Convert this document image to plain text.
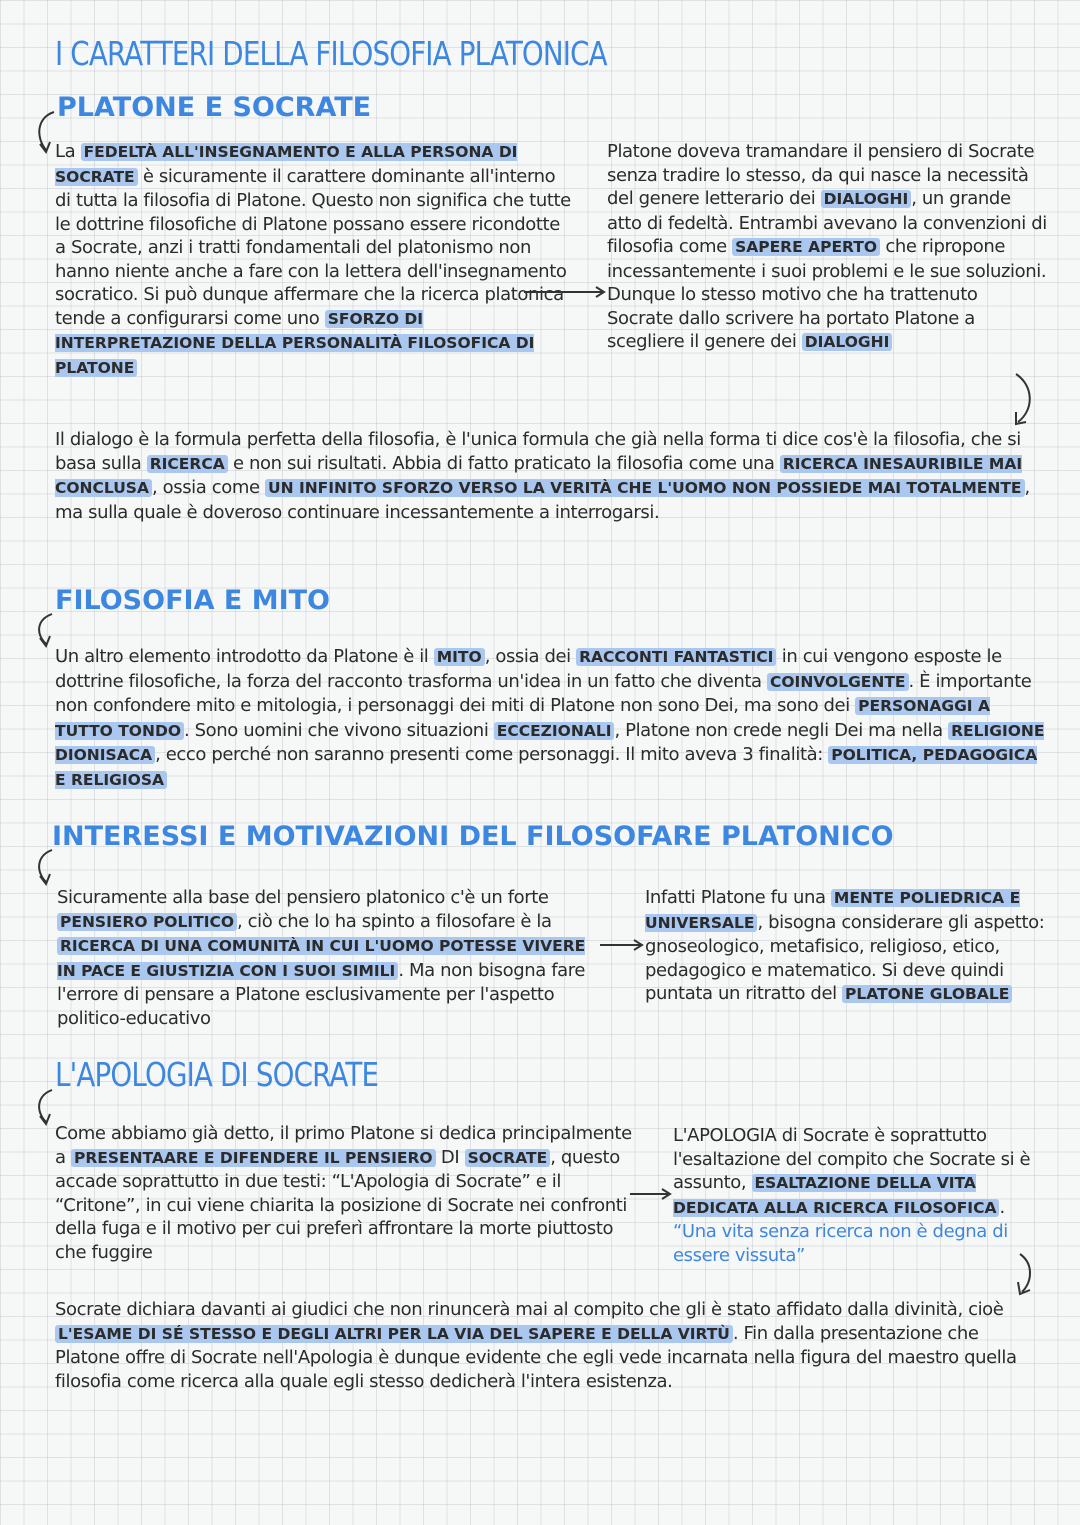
I CARATTERI DELLA FILOSOFIA PLATONICA
PLATONE E SOCRATE
La FEDELTÀ ALL'INSEGNAMENTO E ALLA PERSONA DI SOCRATE è sicuramente il carattere dominante all'interno di tutta la filosofia di Platone. Questo non significa che tutte le dottrine filosofiche di Platone possano essere ricondotte a Socrate, anzi i tratti fondamentali del platonismo non hanno niente anche a fare con la lettera dell'insegnamento socratico. Si può dunque affermare che la ricerca platonica tende a configurarsi come uno SFORZO DI INTERPRETAZIONE DELLA PERSONALITÀ FILOSOFICA DI PLATONE
Platone doveva tramandare il pensiero di Socrate senza tradire lo stesso, da qui nasce la necessità del genere letterario dei DIALOGHI , un grande atto di fedeltà. Entrambi avevano la convenzioni di filosofia come SAPERE APERTO che ripropone incessantemente i suoi problemi e le sue soluzioni. Dunque lo stesso motivo che ha trattenuto Socrate dallo scrivere ha portato Platone a scegliere il genere dei DIALOGHI
Il dialogo è la formula perfetta della filosofia, è l'unica formula che già nella forma ti dice cos'è la filosofia, che si basa sulla RICERCA e non sui risultati. Abbia di fatto praticato la filosofia come una RICERCA INESAURIBILE MAI CONCLUSA , ossia come UN INFINITO SFORZO VERSO LA VERITÀ CHE L'UOMO NON POSSIEDE MAI TOTALMENTE , ma sulla quale è doveroso continuare incessantemente a interrogarsi.
FILOSOFIA E MITO
Un altro elemento introdotto da Platone è il MITO , ossia dei RACCONTI FANTASTICI in cui vengono esposte le dottrine filosofiche, la forza del racconto trasforma un'idea in un fatto che diventa COINVOLGENTE . È importante non confondere mito e mitologia, i personaggi dei miti di Platone non sono Dei, ma sono dei PERSONAGGI A TUTTO TONDO . Sono uomini che vivono situazioni ECCEZIONALI , Platone non crede negli Dei ma nella RELIGIONE DIONISACA , ecco perché non saranno presenti come personaggi. Il mito aveva 3 finalità: POLITICA, PEDAGOGICA E RELIGIOSA
INTERESSI E MOTIVAZIONI DEL FILOSOFARE PLATONICO
Sicuramente alla base del pensiero platonico c'è un forte PENSIERO POLITICO , ciò che lo ha spinto a filosofare è la RICERCA DI UNA COMUNITÀ IN CUI L'UOMO POTESSE VIVERE IN PACE E GIUSTIZIA CON I SUOI SIMILI . Ma non bisogna fare l'errore di pensare a Platone esclusivamente per l'aspetto politico-educativo
Infatti Platone fu una MENTE POLIEDRICA E UNIVERSALE , bisogna considerare gli aspetto: gnoseologico, metafisico, religioso, etico, pedagogico e matematico. Si deve quindi puntata un ritratto del PLATONE GLOBALE
L'APOLOGIA DI SOCRATE
Come abbiamo già detto, il primo Platone si dedica principalmente a PRESENTAARE E DIFENDERE IL PENSIERO DI SOCRATE , questo accade soprattutto in due testi: “L'Apologia di Socrate” e il “Critone”, in cui viene chiarita la posizione di Socrate nei confronti della fuga e il motivo per cui preferì affrontare la morte piuttosto che fuggire
L'APOLOGIA di Socrate è soprattutto l'esaltazione del compito che Socrate si è assunto, ESALTAZIONE DELLA VITA DEDICATA ALLA RICERCA FILOSOFICA . “Una vita senza ricerca non è degna di essere vissuta”
Socrate dichiara davanti ai giudici che non rinuncerà mai al compito che gli è stato affidato dalla divinità, cioè L'ESAME DI SÉ STESSO E DEGLI ALTRI PER LA VIA DEL SAPERE E DELLA VIRTÙ . Fin dalla presentazione che Platone offre di Socrate nell'Apologia è dunque evidente che egli vede incarnata nella figura del maestro quella filosofia come ricerca alla quale egli stesso dedicherà l'intera esistenza.
